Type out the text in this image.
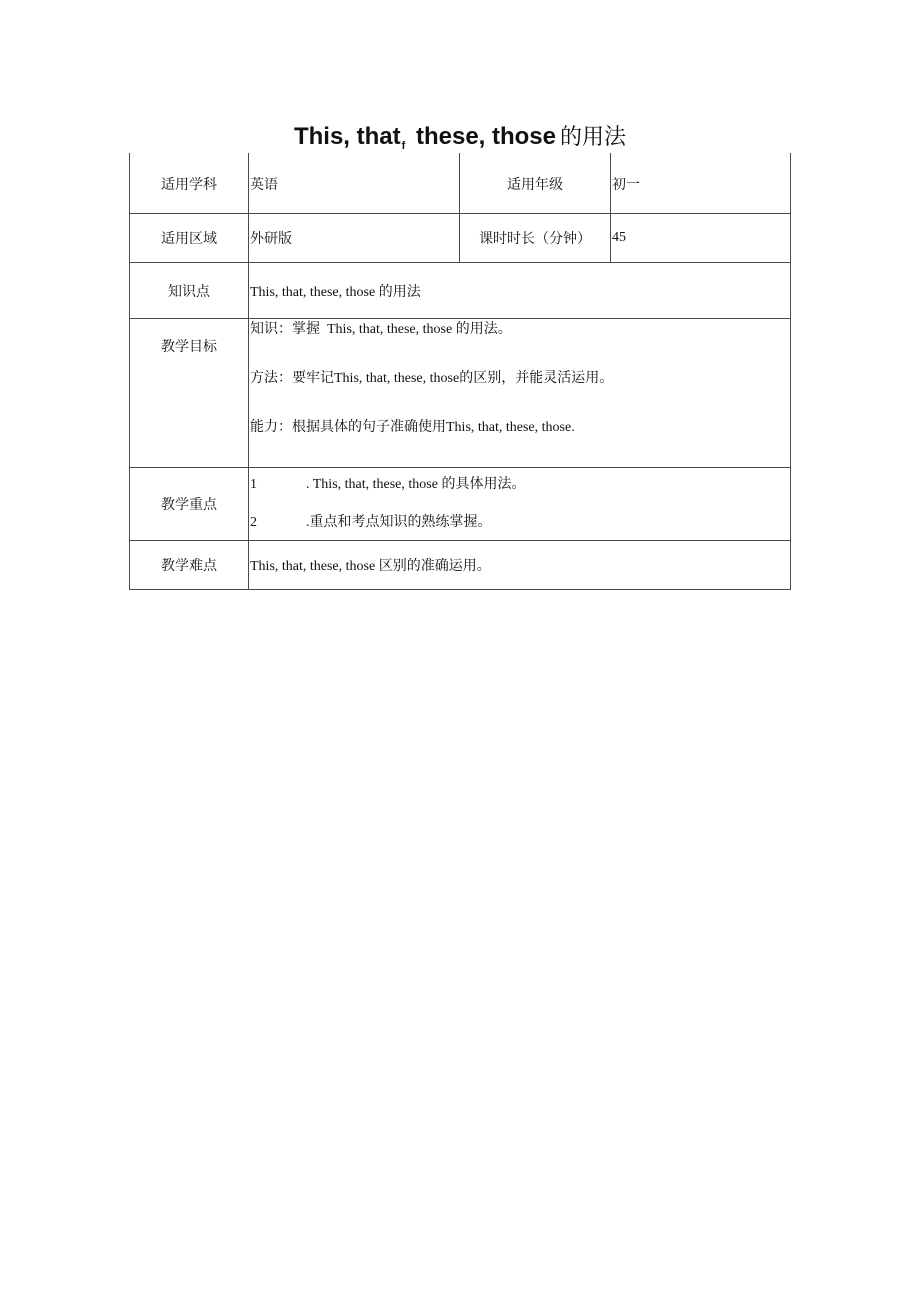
This, that$_f$ these, those 的用法
适用学科	英语	适用年级	初一
适用区域	外研版	课时时长（分钟）	45
知识点	This, that, these, those 的用法		

教学目标	知识：掌握  This, that, these, those 的用法。
方法：要牢记This, that, these, those的区别，并能灵活运用。
能力：根据具体的句子准确使用This, that, these, those.		

教学重点	1 . This, that, these, those 的具体用法。
2 .重点和考点知识的熟练掌握。		

教学难点	This, that, these, those 区别的准确运用。		
